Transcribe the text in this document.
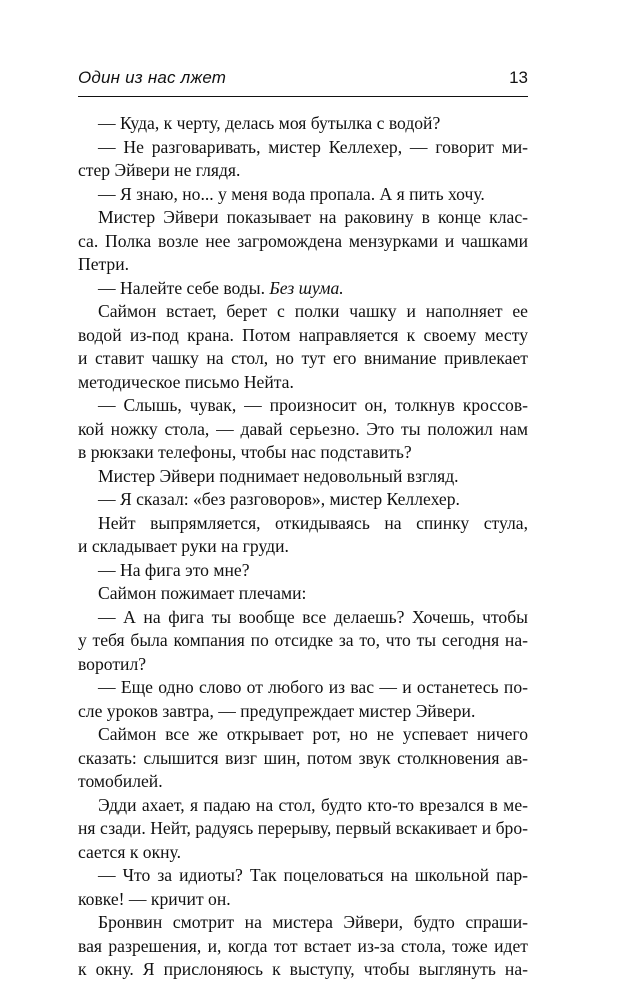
Один из нас лжет	13
— Куда, к черту, делась моя бутылка с водой?
— Не разговаривать, мистер Келлехер, — говорит ми-
стер Эйвери не глядя.
— Я знаю, но... у меня вода пропала. А я пить хочу.
Мистер Эйвери показывает на раковину в конце клас-
са. Полка возле нее загромождена мензурками и чашками
Петри.
— Налейте себе воды. Без шума.
Саймон встает, берет с полки чашку и наполняет ее
водой из-под крана. Потом направляется к своему месту
и ставит чашку на стол, но тут его внимание привлекает
методическое письмо Нейта.
— Слышь, чувак, — произносит он, толкнув кроссов-
кой ножку стола, — давай серьезно. Это ты положил нам
в рюкзаки телефоны, чтобы нас подставить?
Мистер Эйвери поднимает недовольный взгляд.
— Я сказал: «без разговоров», мистер Келлехер.
Нейт выпрямляется, откидываясь на спинку стула,
и складывает руки на груди.
— На фига это мне?
Саймон пожимает плечами:
— А на фига ты вообще все делаешь? Хочешь, чтобы
у тебя была компания по отсидке за то, что ты сегодня на-
воротил?
— Еще одно слово от любого из вас — и останетесь по-
сле уроков завтра, — предупреждает мистер Эйвери.
Саймон все же открывает рот, но не успевает ничего
сказать: слышится визг шин, потом звук столкновения ав-
томобилей.
Эдди ахает, я падаю на стол, будто кто-то врезался в ме-
ня сзади. Нейт, радуясь перерыву, первый вскакивает и бро-
сается к окну.
— Что за идиоты? Так поцеловаться на школьной пар-
ковке! — кричит он.
Бронвин смотрит на мистера Эйвери, будто спраши-
вая разрешения, и, когда тот встает из-за стола, тоже идет
к окну. Я прислоняюсь к выступу, чтобы выглянуть на-
